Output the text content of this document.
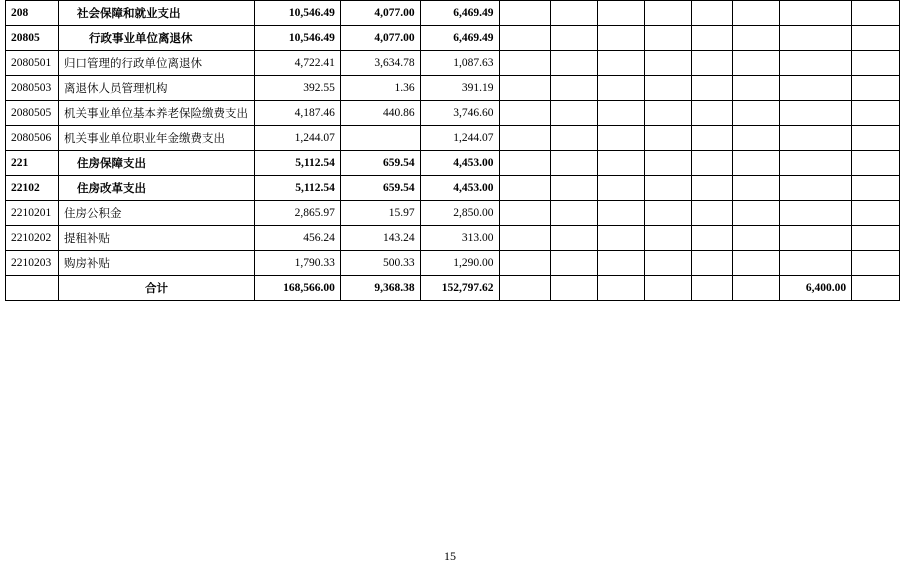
208	社会保障和就业支出	10,546.49	4,077.00	6,469.49								
20805	行政事业单位离退休	10,546.49	4,077.00	6,469.49								
2080501	归口管理的行政单位离退休	4,722.41	3,634.78	1,087.63								
2080503	离退休人员管理机构	392.55	1.36	391.19								
2080505	机关事业单位基本养老保险缴费支出	4,187.46	440.86	3,746.60								
2080506	机关事业单位职业年金缴费支出	1,244.07		1,244.07								
221	住房保障支出	5,112.54	659.54	4,453.00								
22102	住房改革支出	5,112.54	659.54	4,453.00								
2210201	住房公积金	2,865.97	15.97	2,850.00								
2210202	提租补贴	456.24	143.24	313.00								
2210203	购房补贴	1,790.33	500.33	1,290.00								
	合计	168,566.00	9,368.38	152,797.62							6,400.00	
15
